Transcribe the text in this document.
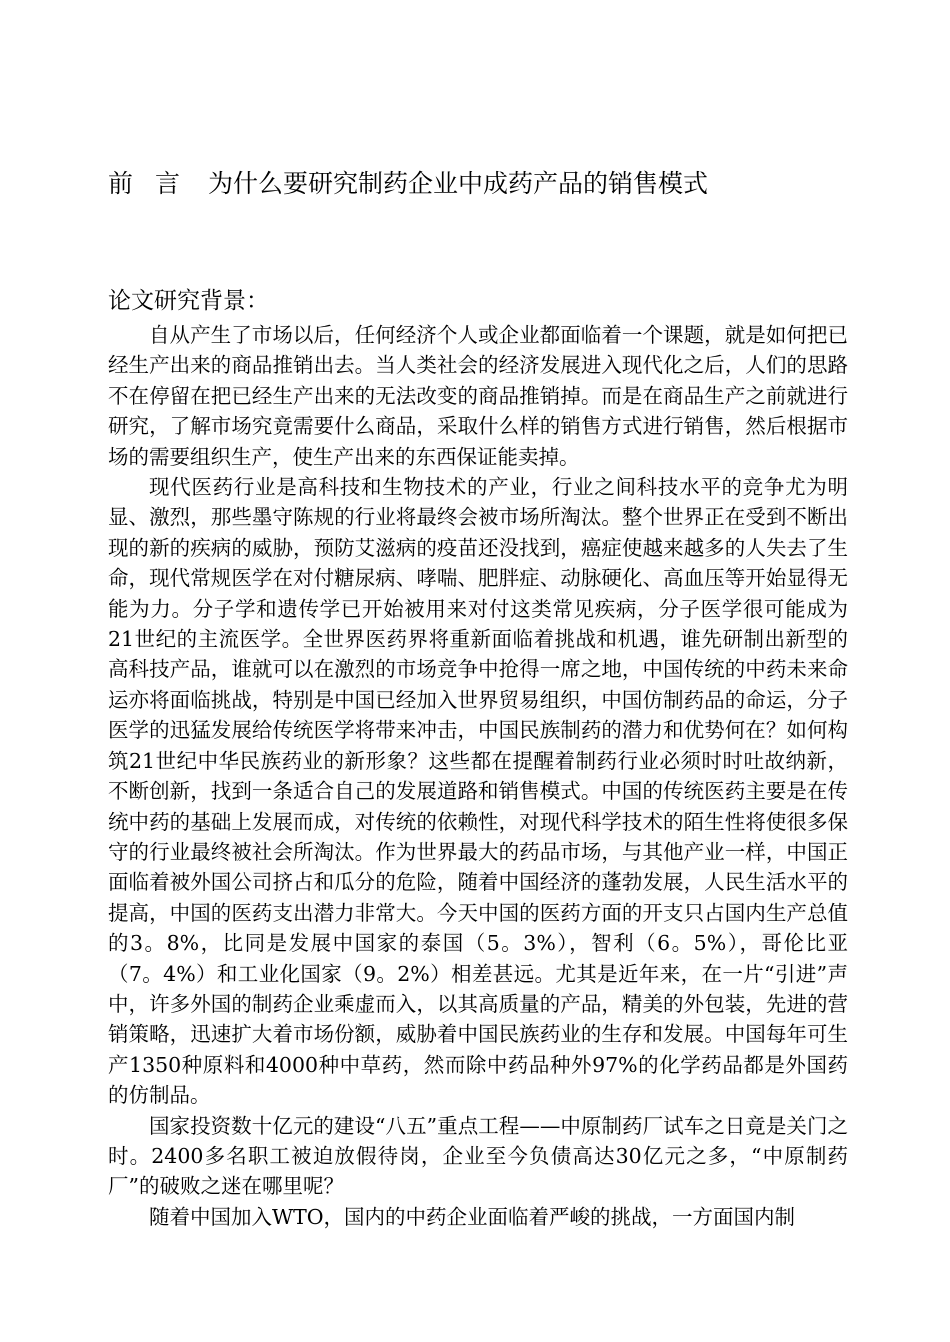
前言 为什么要研究制药企业中成药产品的销售模式
论文研究背景：

自从产生了市场以后，任何经济个人或企业都面临着一个课题，就是如何把已经生产出来的商品推销出去。当人类社会的经济发展进入现代化之后，人们的思路不在停留在把已经生产出来的无法改变的商品推销掉。而是在商品生产之前就进行研究，了解市场究竟需要什么商品，采取什么样的销售方式进行销售，然后根据市场的需要组织生产，使生产出来的东西保证能卖掉。

现代医药行业是高科技和生物技术的产业，行业之间科技水平的竞争尤为明显、激烈，那些墨守陈规的行业将最终会被市场所淘汰。整个世界正在受到不断出现的新的疾病的威胁，预防艾滋病的疫苗还没找到，癌症使越来越多的人失去了生命，现代常规医学在对付糖尿病、哮喘、肥胖症、动脉硬化、高血压等开始显得无能为力。分子学和遗传学已开始被用来对付这类常见疾病，分子医学很可能成为21世纪的主流医学。全世界医药界将重新面临着挑战和机遇，谁先研制出新型的高科技产品，谁就可以在激烈的市场竞争中抢得一席之地，中国传统的中药未来命运亦将面临挑战，特别是中国已经加入世界贸易组织，中国仿制药品的命运，分子医学的迅猛发展给传统医学将带来冲击，中国民族制药的潜力和优势何在？如何构筑21世纪中华民族药业的新形象？这些都在提醒着制药行业必须时时吐故纳新，不断创新，找到一条适合自己的发展道路和销售模式。中国的传统医药主要是在传统中药的基础上发展而成，对传统的依赖性，对现代科学技术的陌生性将使很多保守的行业最终被社会所淘汰。作为世界最大的药品市场，与其他产业一样，中国正面临着被外国公司挤占和瓜分的危险，随着中国经济的蓬勃发展，人民生活水平的提高，中国的医药支出潜力非常大。今天中国的医药方面的开支只占国内生产总值的3。8%，比同是发展中国家的泰国（5。3%），智利（6。5%），哥伦比亚（7。4%）和工业化国家（9。2%）相差甚远。尤其是近年来，在一片“引进”声中，许多外国的制药企业乘虚而入，以其高质量的产品，精美的外包装，先进的营销策略，迅速扩大着市场份额，威胁着中国民族药业的生存和发展。中国每年可生产1350种原料和4000种中草药，然而除中药品种外97%的化学药品都是外国药的仿制品。

国家投资数十亿元的建设“八五”重点工程——中原制药厂试车之日竟是关门之时。2400多名职工被迫放假待岗，企业至今负债高达30亿元之多，“中原制药厂”的破败之迷在哪里呢？

随着中国加入WTO，国内的中药企业面临着严峻的挑战，一方面国内制
